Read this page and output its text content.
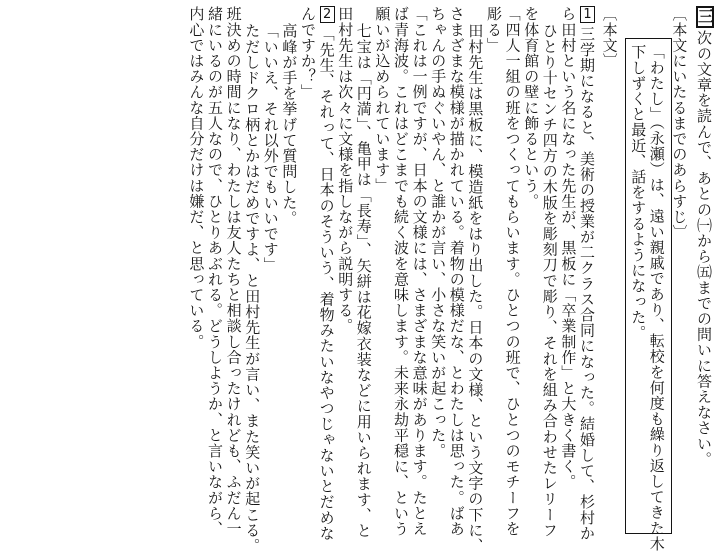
三
次の文章を読んで、あとの㈠から㈤までの問いに答えなさい。
〔本文にいたるまでのあらすじ〕
「わたし」（永瀬）は、遠い親戚であり、転校を何度も繰り返してきた木
下しずくと最近、話をするようになった。
〔本文〕
1
三学期になると、美術の授業が二クラス合同になった。結婚して、杉村か
ら田村という名になった先生が、黒板に「卒業制作」と大きく書く。
ひとり十センチ四方の木版を彫刻刀で彫り、それを組み合わせたレリーフ
を体育館の壁に飾るという。
「四人一組の班をつくってもらいます。ひとつの班で、ひとつのモチーフを
彫る」
田村先生は黒板に、模造紙をはり出した。日本の文様、という文字の下に、
さまざまな模様が描かれている。着物の模様だな、とわたしは思った。ばあ
ちゃんの手ぬぐいやん、と誰かが言い、小さな笑いが起こった。
「これは一例ですが、日本の文様には、さまざまな意味があります。たとえ
ば青海波。これはどこまでも続く波を意味します。未来永劫平穏に、という
願いが込められています」
七宝は「円満」、亀甲は「長寿」、矢絣は花嫁衣装などに用いられます、と
田村先生は次々に文様を指しながら説明する。
2
「先生、それって、日本のそういう、着物みたいなやつじゃないとだめな
んですか？」
高峰が手を挙げて質問した。
「いいえ、それ以外でもいいです」
ただしドクロ柄とかはだめですよ、と田村先生が言い、また笑いが起こる。
班決めの時間になり、わたしは友人たちと相談し合ったけれども、ふだん一
緒にいるのが五人なので、ひとりあぶれる。どうしようか、と言いながら、
内心ではみんな自分だけは嫌だ、と思っている。
